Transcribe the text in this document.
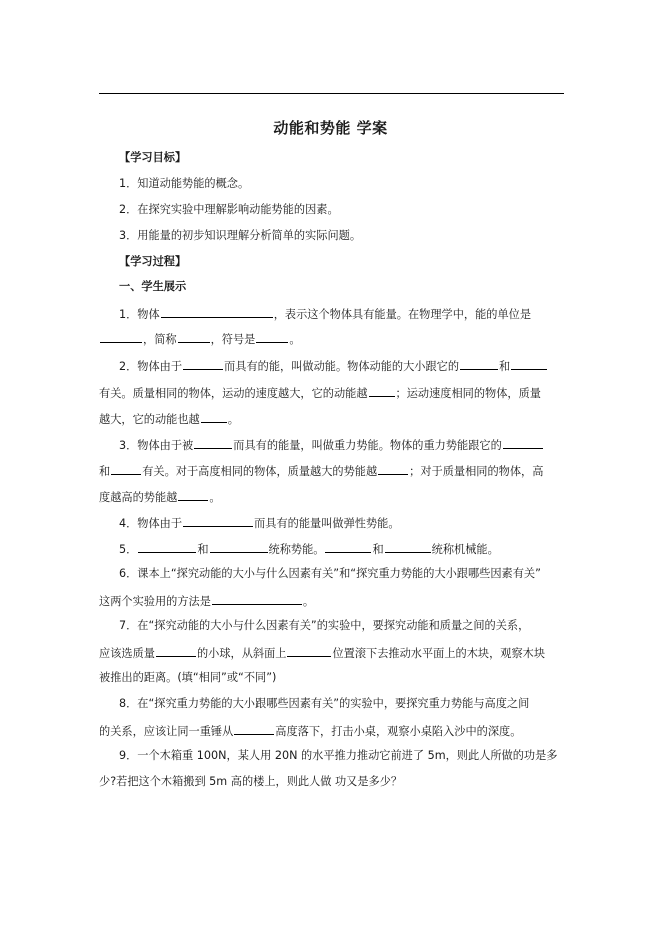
动能和势能 学案
【学习目标】
1．知道动能势能的概念。
2．在探究实验中理解影响动能势能的因素。
3．用能量的初步知识理解分析简单的实际问题。
【学习过程】
一、学生展示
1．物体	，表示这个物体具有能量。在物理学中，能的单位是
，简称	，符号是	。
2．物体由于	而具有的能，叫做动能。物体动能的大小跟它的	和
有关。质量相同的物体，运动的速度越大，它的动能越	；运动速度相同的物体，质量
越大，它的动能也越	。
3．物体由于被	而具有的能量，叫做重力势能。物体的重力势能跟它的
和	有关。对于高度相同的物体，质量越大的势能越	；对于质量相同的物体，高
度越高的势能越	。
4．物体由于	而具有的能量叫做弹性势能。
5．	和	统称势能。	和	统称机械能。
6．课本上“探究动能的大小与什么因素有关”和“探究重力势能的大小跟哪些因素有关”
这两个实验用的方法是	。
7．在“探究动能的大小与什么因素有关”的实验中，要探究动能和质量之间的关系，
应该选质量	的小球，从斜面上	位置滚下去推动水平面上的木块，观察木块
被推出的距离。(填“相同”或“不同”)
8．在“探究重力势能的大小跟哪些因素有关”的实验中，要探究重力势能与高度之间
的关系，应该让同一重锤从	高度落下，打击小桌，观察小桌陷入沙中的深度。
9．一个木箱重 100N，某人用 20N 的水平推力推动它前进了 5m，则此人所做的功是多
少?若把这个木箱搬到 5m 高的楼上，则此人做 功又是多少？
